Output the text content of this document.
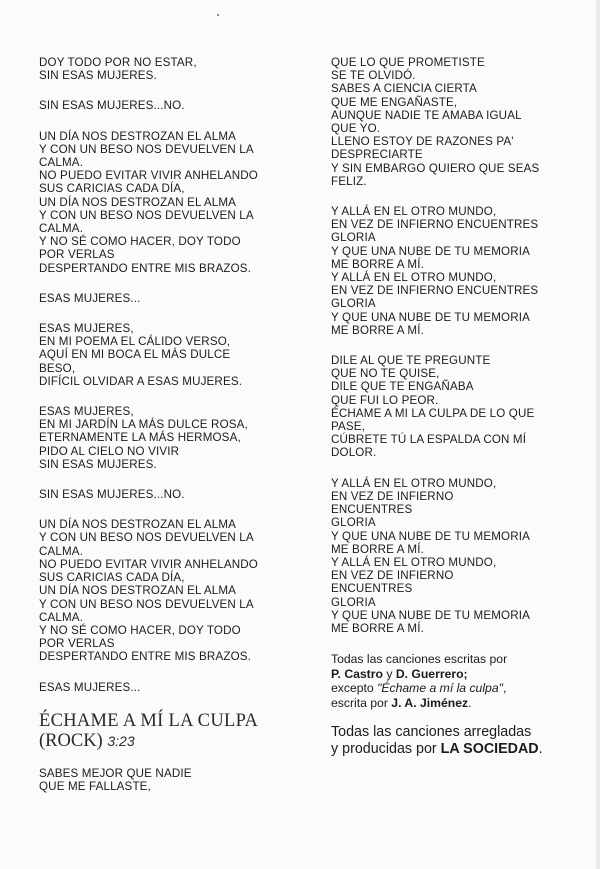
DOY TODO POR NO ESTAR,
SIN ESAS MUJERES.
SIN ESAS MUJERES...NO.
UN DÍA NOS DESTROZAN EL ALMA
Y CON UN BESO NOS DEVUELVEN LA
CALMA.
NO PUEDO EVITAR VIVIR ANHELANDO
SUS CARICIAS CADA DÍA,
UN DÍA NOS DESTROZAN EL ALMA
Y CON UN BESO NOS DEVUELVEN LA
CALMA.
Y NO SÉ COMO HACER, DOY TODO
POR VERLAS
DESPERTANDO ENTRE MIS BRAZOS.
ESAS MUJERES...
ESAS MUJERES,
EN MI POEMA EL CÁLIDO VERSO,
AQUÍ EN MI BOCA EL MÁS DULCE
BESO,
DIFÍCIL OLVIDAR A ESAS MUJERES.
ESAS MUJERES,
EN MI JARDÍN LA MÁS DULCE ROSA,
ETERNAMENTE LA MÁS HERMOSA,
PIDO AL CIELO NO VIVIR
SIN ESAS MUJERES.
SIN ESAS MUJERES...NO.
UN DÍA NOS DESTROZAN EL ALMA
Y CON UN BESO NOS DEVUELVEN LA
CALMA.
NO PUEDO EVITAR VIVIR ANHELANDO
SUS CARICIAS CADA DÍA,
UN DÍA NOS DESTROZAN EL ALMA
Y CON UN BESO NOS DEVUELVEN LA
CALMA.
Y NO SÉ COMO HACER, DOY TODO
POR VERLAS
DESPERTANDO ENTRE MIS BRAZOS.
ESAS MUJERES...
ÉCHAME A MÍ LA CULPA
(ROCK) 3:23
SABES MEJOR QUE NADIE
QUE ME FALLASTE,
QUE LO QUE PROMETISTE
SE TE OLVIDÓ.
SABES A CIENCIA CIERTA
QUE ME ENGAÑASTE,
AUNQUE NADIE TE AMABA IGUAL
QUE YO.
LLENO ESTOY DE RAZONES PA'
DESPRECIARTE
Y SIN EMBARGO QUIERO QUE SEAS
FELIZ.
Y ALLÁ EN EL OTRO MUNDO,
EN VEZ DE INFIERNO ENCUENTRES
GLORIA
Y QUE UNA NUBE DE TU MEMORIA
ME BORRE A MÍ.
Y ALLÁ EN EL OTRO MUNDO,
EN VEZ DE INFIERNO ENCUENTRES
GLORIA
Y QUE UNA NUBE DE TU MEMORIA
ME BORRE A MÍ.
DILE AL QUE TE PREGUNTE
QUE NO TE QUISE,
DILE QUE TE ENGAÑABA
QUE FUI LO PEOR.
ÉCHAME A MI LA CULPA DE LO QUE
PASE,
CÚBRETE TÚ LA ESPALDA CON MÍ
DOLOR.
Y ALLÁ EN EL OTRO MUNDO,
EN VEZ DE INFIERNO
ENCUENTRES
GLORIA
Y QUE UNA NUBE DE TU MEMORIA
ME BORRE A MÍ.
Y ALLÁ EN EL OTRO MUNDO,
EN VEZ DE INFIERNO
ENCUENTRES
GLORIA
Y QUE UNA NUBE DE TU MEMORIA
ME BORRE A MÍ.
Todas las canciones escritas por
P. Castro y D. Guerrero;
excepto "Échame a mí la culpa",
escrita por J. A. Jiménez.
Todas las canciones arregladas
y producidas por LA SOCIEDAD.
